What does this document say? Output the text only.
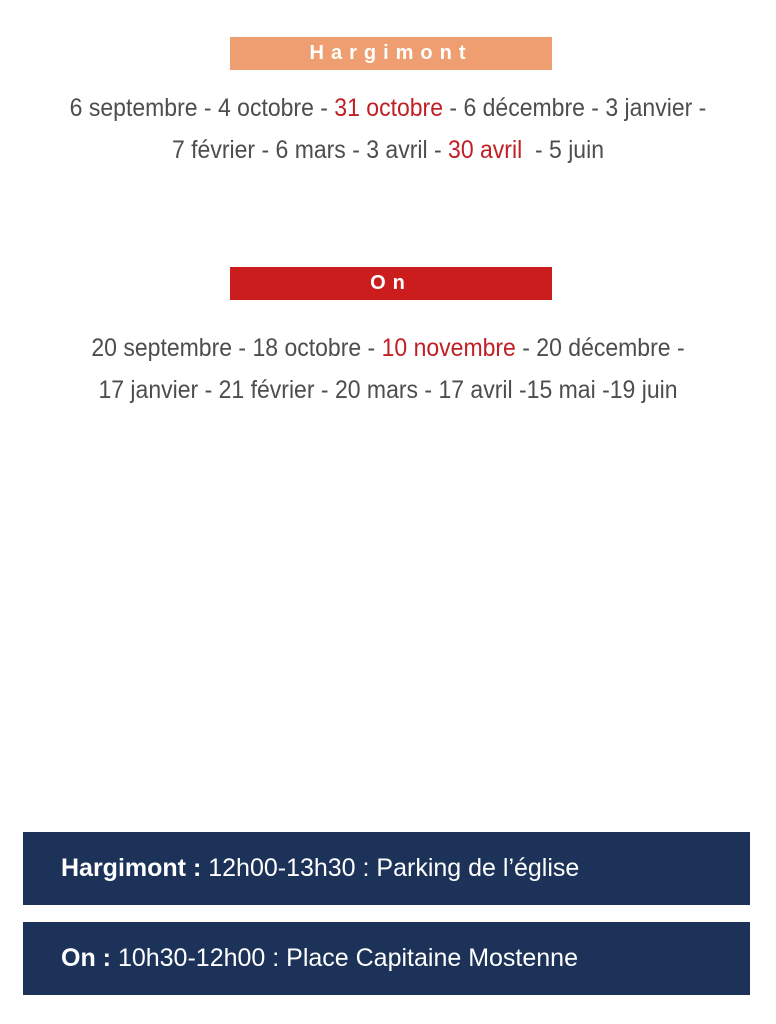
Hargimont
6 septembre - 4 octobre - 31 octobre - 6 décembre - 3 janvier -
7 février - 6 mars - 3 avril - 30 avril  - 5 juin
On
20 septembre - 18 octobre - 10 novembre - 20 décembre -
17 janvier - 21 février - 20 mars - 17 avril -15 mai -19 juin
Hargimont : 12h00-13h30 : Parking de l’église
On : 10h30-12h00 : Place Capitaine Mostenne
